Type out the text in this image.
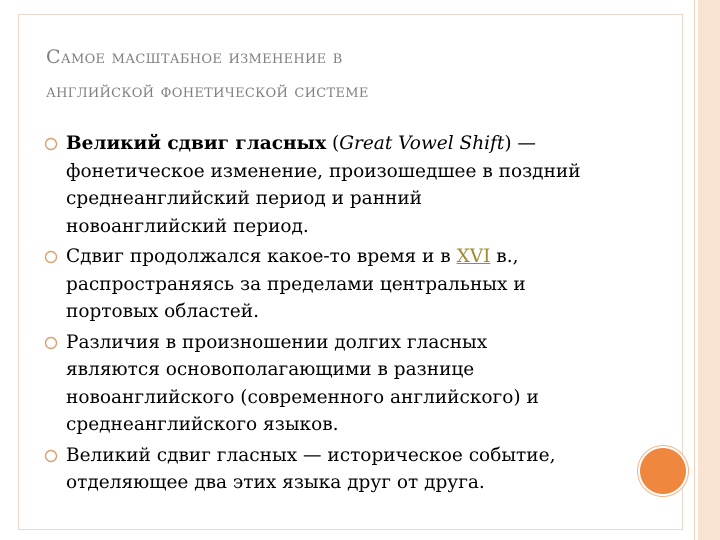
Самое масштабное изменение в
английской фонетической системе
Великий сдвиг гласных (Great Vowel Shift) —
фонетическое изменение, произошедшее в поздний
среднеанглийский период и ранний
новоанглийский период.
Сдвиг продолжался какое-то время и в XVI в.,
распространяясь за пределами центральных и
портовых областей.
Различия в произношении долгих гласных
являются основополагающими в разнице
новоанглийского (современного английского) и
среднеанглийского языков.
Великий сдвиг гласных — историческое событие,
отделяющее два этих языка друг от друга.
